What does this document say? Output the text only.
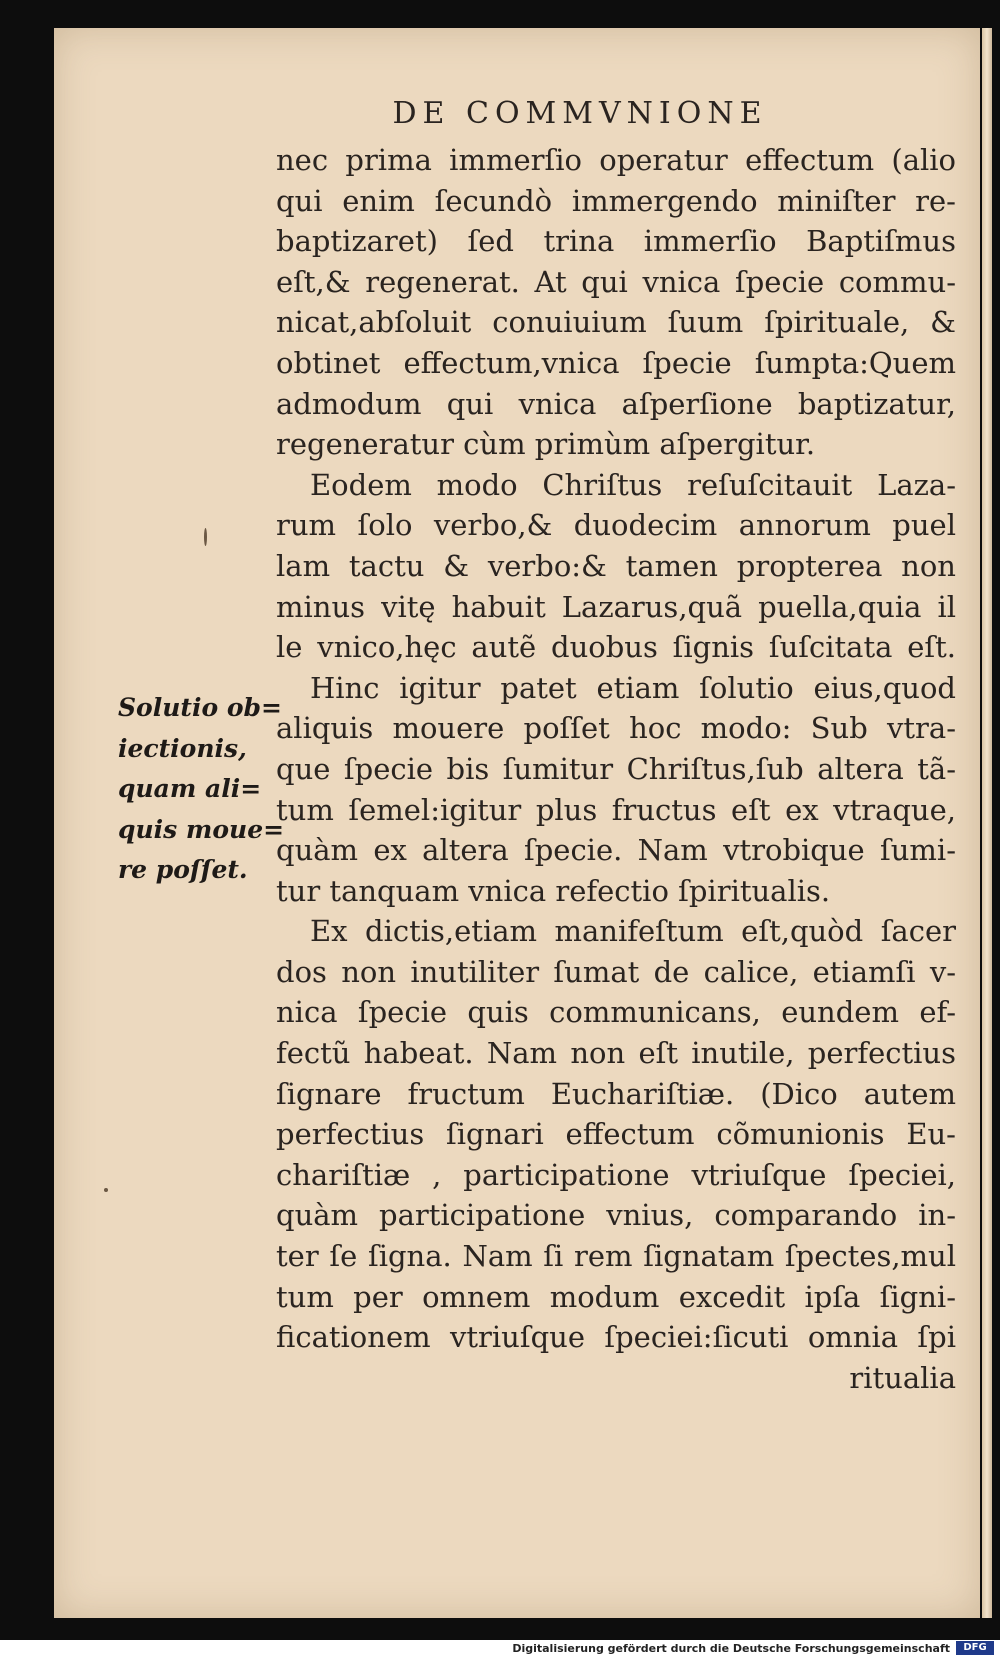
DE COMMVNIONE
nec prima immerſio operatur effectum (alio
qui enim ſecundò immergendo miniſter re-
baptizaret) ſed trina immerſio Baptiſmus
eſt,& regenerat. At qui vnica ſpecie commu-
nicat,abſoluit conuiuium ſuum ſpirituale, &
obtinet effectum,vnica ſpecie ſumpta:Quem
admodum qui vnica aſperſione baptizatur,
regeneratur cùm primùm aſpergitur.
Eodem modo Chriſtus reſuſcitauit Laza-
rum ſolo verbo,& duodecim annorum puel
lam tactu & verbo:& tamen propterea non
minus vitę habuit Lazarus,quã puella,quia il
le vnico,hęc autẽ duobus ſignis ſuſcitata eſt.
Hinc igitur patet etiam ſolutio eius,quod
aliquis mouere poſſet hoc modo: Sub vtra-
que ſpecie bis ſumitur Chriſtus,ſub altera tã-
tum ſemel:igitur plus fructus eſt ex vtraque,
quàm ex altera ſpecie. Nam vtrobique ſumi-
tur tanquam vnica refectio ſpiritualis.
Ex dictis,etiam manifeſtum eſt,quòd ſacer
dos non inutiliter ſumat de calice, etiamſi v-
nica ſpecie quis communicans, eundem ef-
fectũ habeat. Nam non eſt inutile, perfectius
ſignare fructum Euchariſtiæ. (Dico autem
perfectius ſignari effectum cõmunionis Eu-
chariſtiæ , participatione vtriuſque ſpeciei,
quàm participatione vnius, comparando in-
ter ſe ſigna. Nam ſi rem ſignatam ſpectes,mul
tum per omnem modum excedit ipſa ſigni-
ficationem vtriuſque ſpeciei:ſicuti omnia ſpi
ritualia
Solutio ob=
iectionis,
quam ali=
quis moue=
re poſſet.
Digitalisierung gefördert durch die Deutsche Forschungsgemeinschaft	DFG
